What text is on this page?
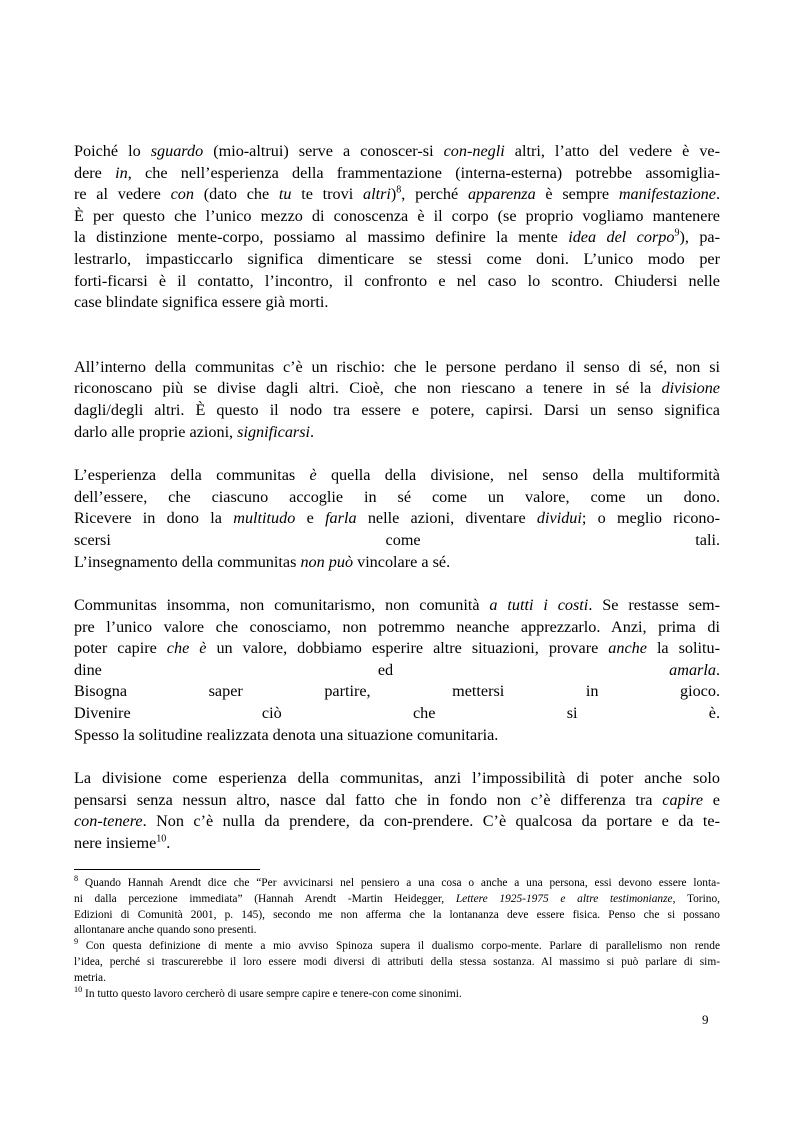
Poiché lo sguardo (mio-altrui) serve a conoscer-si con-negli altri, l’atto del vedere è ve-
dere in, che nell’esperienza della frammentazione (interna-esterna) potrebbe assomiglia-
re al vedere con (dato che tu te trovi altri)$^8$, perché apparenza è sempre manifestazione.
È per questo che l’unico mezzo di conoscenza è il corpo (se proprio vogliamo mantenere
la distinzione mente-corpo, possiamo al massimo definire la mente idea del corpo$^9$), pa-
lestrarlo, impasticcarlo significa dimenticare se stessi come doni. L’unico modo per
forti-ficarsi è il contatto, l’incontro, il confronto e nel caso lo scontro. Chiudersi nelle
case blindate significa essere già morti.
All’interno della communitas c’è un rischio: che le persone perdano il senso di sé, non si
riconoscano più se divise dagli altri. Cioè, che non riescano a tenere in sé la divisione
dagli/degli altri. È questo il nodo tra essere e potere, capirsi. Darsi un senso significa
darlo alle proprie azioni, significarsi.
L’esperienza della communitas è quella della divisione, nel senso della multiformità
dell’essere, che ciascuno accoglie in sé come un valore, come un dono.
Ricevere in dono la multitudo e farla nelle azioni, diventare dividui; o meglio ricono-
scersi come tali.
L’insegnamento della communitas non può vincolare a sé.
Communitas insomma, non comunitarismo, non comunità a tutti i costi. Se restasse sem-
pre l’unico valore che conosciamo, non potremmo neanche apprezzarlo. Anzi, prima di
poter capire che è un valore, dobbiamo esperire altre situazioni, provare anche la solitu-
dine ed amarla.
Bisogna saper partire, mettersi in gioco.
Divenire ciò che si è.
Spesso la solitudine realizzata denota una situazione comunitaria.
La divisione come esperienza della communitas, anzi l’impossibilità di poter anche solo
pensarsi senza nessun altro, nasce dal fatto che in fondo non c’è differenza tra capire e
con-tenere. Non c’è nulla da prendere, da con-prendere. C’è qualcosa da portare e da te-
nere insieme$^{10}$.
$^8$ Quando Hannah Arendt dice che “Per avvicinarsi nel pensiero a una cosa o anche a una persona, essi devono essere lonta-
ni dalla percezione immediata” (Hannah Arendt -Martin Heidegger, Lettere 1925-1975 e altre testimonianze, Torino,
Edizioni di Comunità 2001, p. 145), secondo me non afferma che la lontananza deve essere fisica. Penso che si possano
allontanare anche quando sono presenti.
$^9$ Con questa definizione di mente a mio avviso Spinoza supera il dualismo corpo-mente. Parlare di parallelismo non rende
l’idea, perché si trascurerebbe il loro essere modi diversi di attributi della stessa sostanza. Al massimo si può parlare di sim-
metria.
$^{10}$ In tutto questo lavoro cercherò di usare sempre capire e tenere-con come sinonimi.
9
